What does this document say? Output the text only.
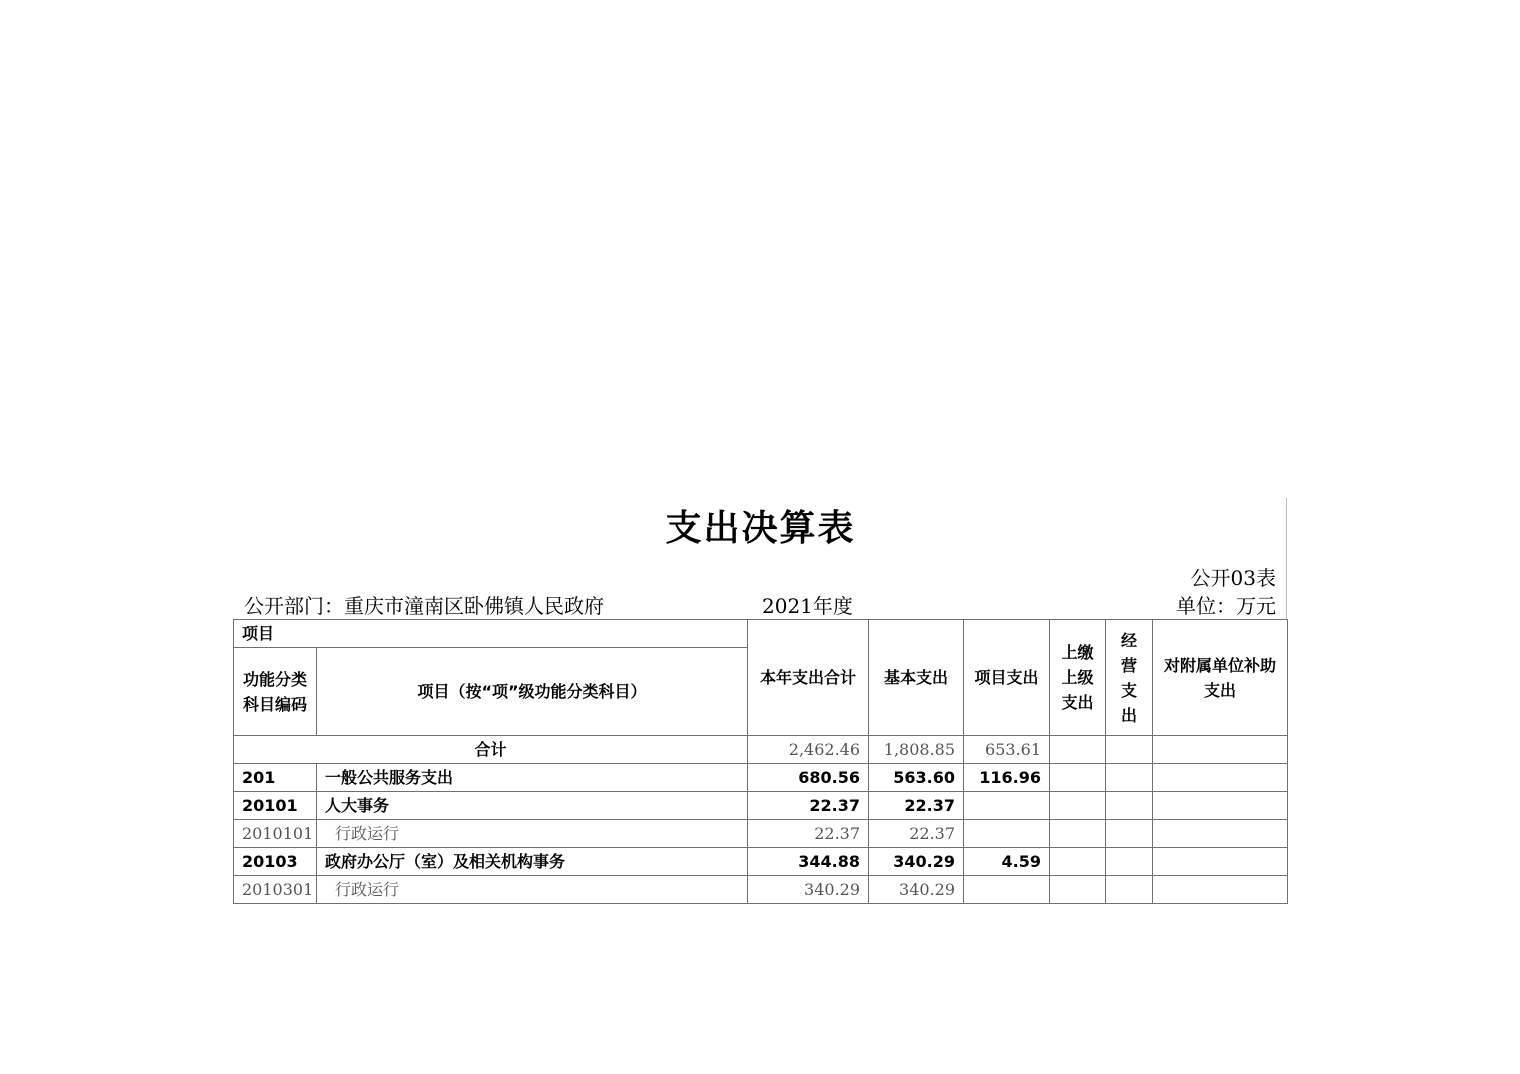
支出决算表
公开03表
公开部门：重庆市潼南区卧佛镇人民政府	2021年度	单位：万元
项目		本年支出合计	基本支出	项目支出	上缴上级支出	经营支出	对附属单位补助支出
功能分类科目编码	项目（按“项”级功能分类科目）						
合计		2,462.46	1,808.85	653.61			
201	一般公共服务支出	680.56	563.60	116.96			
20101	人大事务	22.37	22.37				
2010101	行政运行	22.37	22.37				
20103	政府办公厅（室）及相关机构事务	344.88	340.29	4.59			
2010301	行政运行	340.29	340.29				
